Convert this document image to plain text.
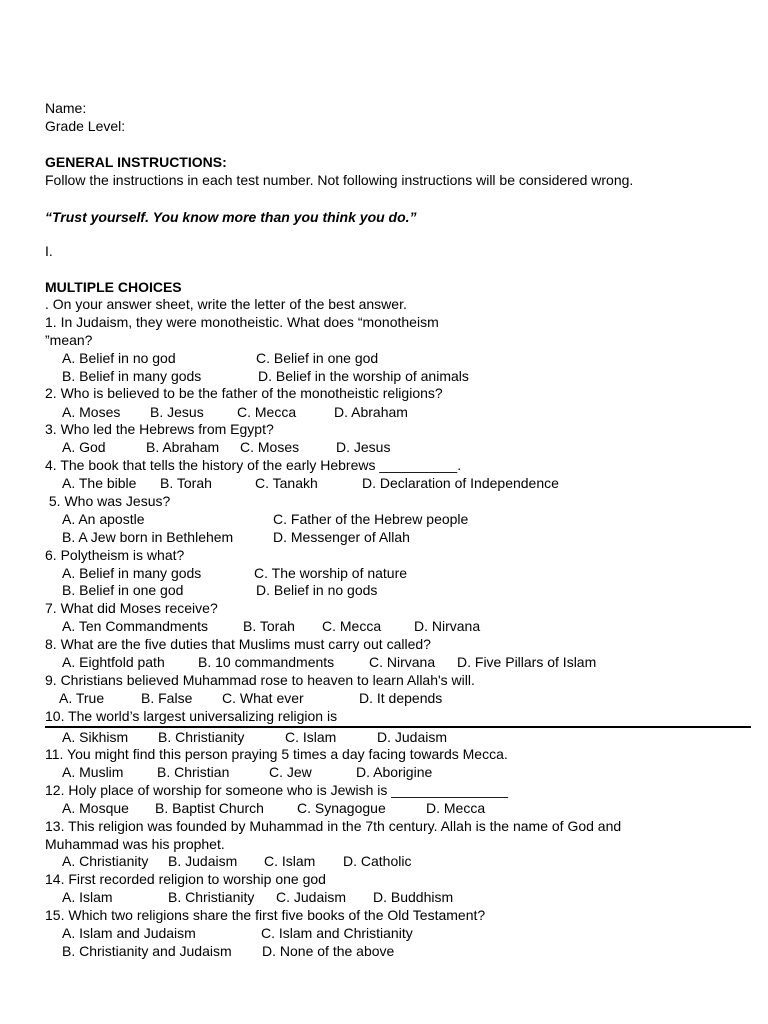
Name:
Grade Level:
GENERAL INSTRUCTIONS:
Follow the instructions in each test number. Not following instructions will be considered wrong.
“Trust yourself. You know more than you think you do.”
I.
MULTIPLE CHOICES
. On your answer sheet, write the letter of the best answer.
1. In Judaism, they were monotheistic. What does “monotheism
”mean?
A. Belief in no god	C. Belief in one god
B. Belief in many gods	D. Belief in the worship of animals
2. Who is believed to be the father of the monotheistic religions?
A. Moses B. Jesus C. Mecca	D. Abraham
3. Who led the Hebrews from Egypt?
A. God	B. Abraham C. Moses	D. Jesus
4. The book that tells the history of the early Hebrews __________.
A. The bible B. Torah	C. Tanakh	D. Declaration of Independence
5. Who was Jesus?
A. An apostle	C. Father of the Hebrew people
B. A Jew born in Bethlehem	D. Messenger of Allah
6. Polytheism is what?
A. Belief in many gods	C. The worship of nature
B. Belief in one god	D. Belief in no gods
7. What did Moses receive?
A. Ten Commandments B. Torah C. Mecca D. Nirvana
8. What are the five duties that Muslims must carry out called?
A. Eightfold path B. 10 commandments C. Nirvana D. Five Pillars of Islam
9. Christians believed Muhammad rose to heaven to learn Allah's will.
A. True	B. False C. What ever	D. It depends
10. The world’s largest universalizing religion is
A. Sikhism B. Christianity	C. Islam	D. Judaism
11. You might find this person praying 5 times a day facing towards Mecca.
A. Muslim B. Christian	C. Jew	D. Aborigine
12. Holy place of worship for someone who is Jewish is _______________
A. Mosque B. Baptist Church C. Synagogue	D. Mecca
13. This religion was founded by Muhammad in the 7th century. Allah is the name of God and
Muhammad was his prophet.
A. Christianity B. Judaism C. Islam D. Catholic
14. First recorded religion to worship one god
A. Islam	B. Christianity C. Judaism D. Buddhism
15. Which two religions share the first five books of the Old Testament?
A. Islam and Judaism	C. Islam and Christianity
B. Christianity and Judaism D. None of the above
